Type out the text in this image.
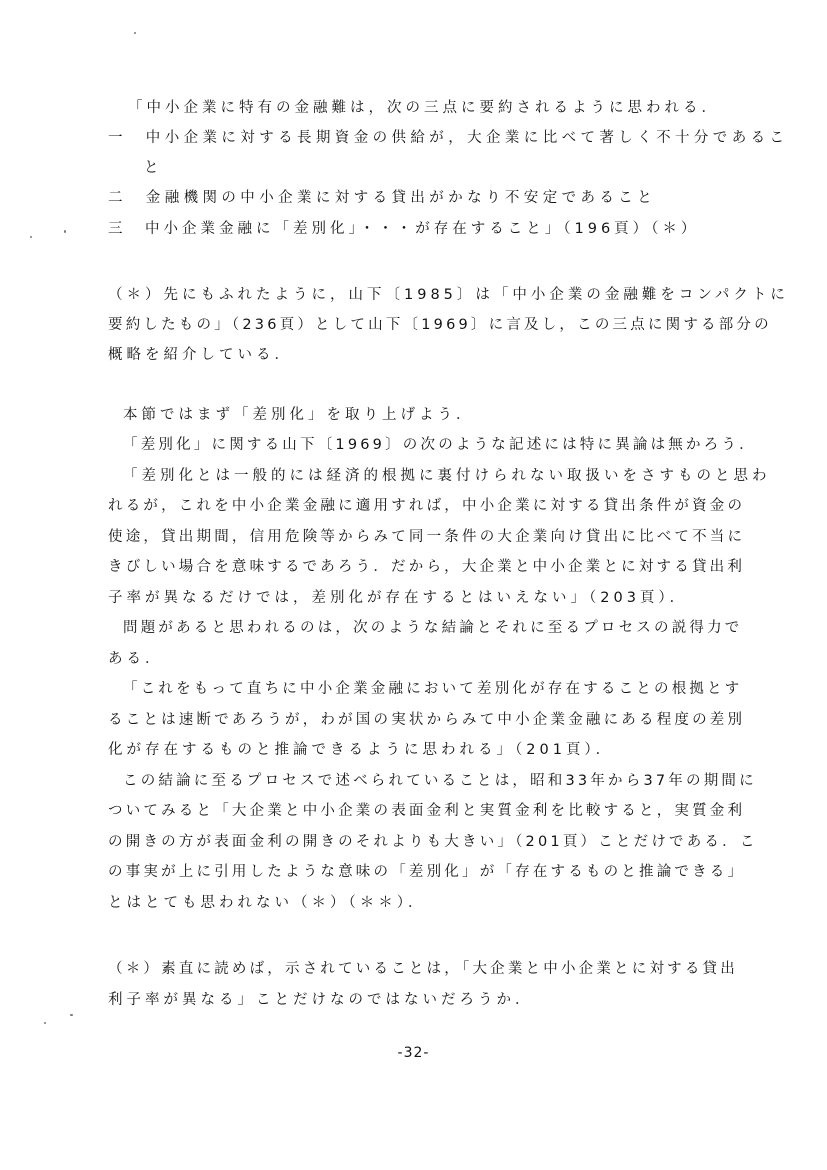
「中小企業に特有の金融難は，次の三点に要約されるように思われる．
一　中小企業に対する長期資金の供給が，大企業に比べて著しく不十分であるこ
と
二　金融機関の中小企業に対する貸出がかなり不安定であること
三　中小企業金融に「差別化」・・・が存在すること」（196頁）（＊）
（＊）先にもふれたように，山下〔1985〕は「中小企業の金融難をコンパクトに
要約したもの」（236頁）として山下〔1969〕に言及し，この三点に関する部分の
概略を紹介している．
本節ではまず「差別化」を取り上げよう．
「差別化」に関する山下〔1969〕の次のような記述には特に異論は無かろう．
「差別化とは一般的には経済的根拠に裏付けられない取扱いをさすものと思わ
れるが，これを中小企業金融に適用すれば，中小企業に対する貸出条件が資金の
使途，貸出期間，信用危険等からみて同一条件の大企業向け貸出に比べて不当に
きびしい場合を意味するであろう．だから，大企業と中小企業とに対する貸出利
子率が異なるだけでは，差別化が存在するとはいえない」（203頁）．
問題があると思われるのは，次のような結論とそれに至るプロセスの説得力で
ある．
「これをもって直ちに中小企業金融において差別化が存在することの根拠とす
ることは速断であろうが，わが国の実状からみて中小企業金融にある程度の差別
化が存在するものと推論できるように思われる」（201頁）．
この結論に至るプロセスで述べられていることは，昭和33年から37年の期間に
ついてみると「大企業と中小企業の表面金利と実質金利を比較すると，実質金利
の開きの方が表面金利の開きのそれよりも大きい」（201頁）ことだけである．こ
の事実が上に引用したような意味の「差別化」が「存在するものと推論できる」
とはとても思われない（＊）（＊＊）．
（＊）素直に読めば，示されていることは，「大企業と中小企業とに対する貸出
利子率が異なる」ことだけなのではないだろうか．
-32-
